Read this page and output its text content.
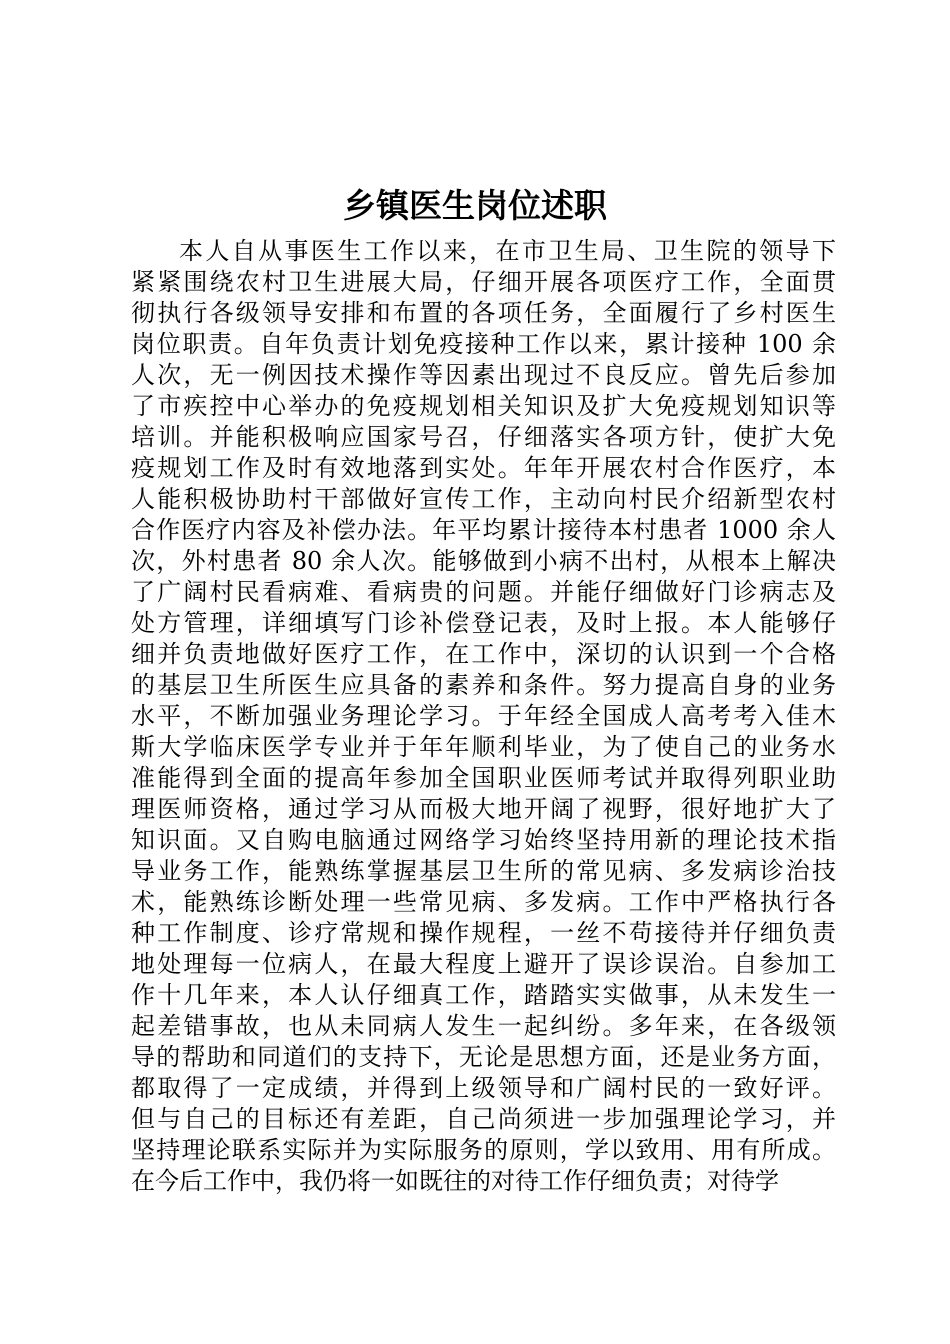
乡镇医生岗位述职
本人自从事医生工作以来，在市卫生局、卫生院的领导下
紧紧围绕农村卫生进展大局，仔细开展各项医疗工作，全面贯
彻执行各级领导安排和布置的各项任务，全面履行了乡村医生
岗位职责。自年负责计划免疫接种工作以来，累计接种 100 余
人次，无一例因技术操作等因素出现过不良反应。曾先后参加
了市疾控中心举办的免疫规划相关知识及扩大免疫规划知识等
培训。并能积极响应国家号召，仔细落实各项方针，使扩大免
疫规划工作及时有效地落到实处。年年开展农村合作医疗，本
人能积极协助村干部做好宣传工作，主动向村民介绍新型农村
合作医疗内容及补偿办法。年平均累计接待本村患者 1000 余人
次，外村患者 80 余人次。能够做到小病不出村，从根本上解决
了广阔村民看病难、看病贵的问题。并能仔细做好门诊病志及
处方管理，详细填写门诊补偿登记表，及时上报。本人能够仔
细并负责地做好医疗工作，在工作中，深切的认识到一个合格
的基层卫生所医生应具备的素养和条件。努力提高自身的业务
水平，不断加强业务理论学习。于年经全国成人高考考入佳木
斯大学临床医学专业并于年年顺利毕业，为了使自己的业务水
准能得到全面的提高年参加全国职业医师考试并取得列职业助
理医师资格，通过学习从而极大地开阔了视野，很好地扩大了
知识面。又自购电脑通过网络学习始终坚持用新的理论技术指
导业务工作，能熟练掌握基层卫生所的常见病、多发病诊治技
术，能熟练诊断处理一些常见病、多发病。工作中严格执行各
种工作制度、诊疗常规和操作规程，一丝不苟接待并仔细负责
地处理每一位病人，在最大程度上避开了误诊误治。自参加工
作十几年来，本人认仔细真工作，踏踏实实做事，从未发生一
起差错事故，也从未同病人发生一起纠纷。多年来，在各级领
导的帮助和同道们的支持下，无论是思想方面，还是业务方面，
都取得了一定成绩，并得到上级领导和广阔村民的一致好评。
但与自己的目标还有差距，自己尚须进一步加强理论学习，并
坚持理论联系实际并为实际服务的原则，学以致用、用有所成。
在今后工作中，我仍将一如既往的对待工作仔细负责；对待学
